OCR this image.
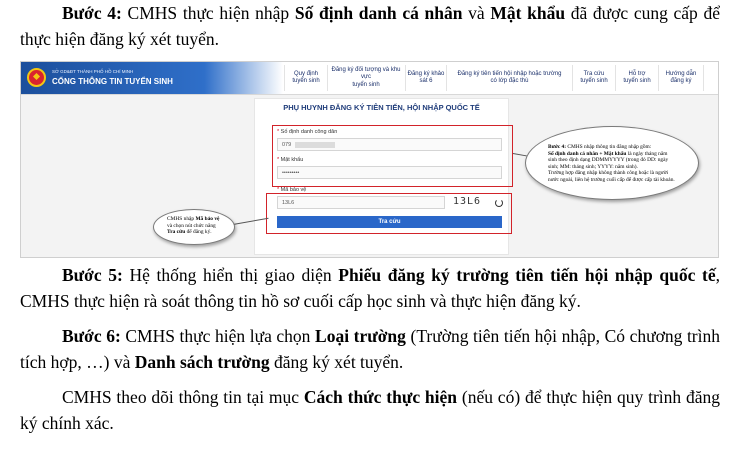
Bước 4: CMHS thực hiện nhập Số định danh cá nhân và Mật khẩu đã được cung cấp để thực hiện đăng ký xét tuyển.

SỞ GD&ĐT THÀNH PHỐ HỒ CHÍ MINH
CỔNG THÔNG TIN TUYỂN SINH
Quy định
tuyển sinh
Đăng ký đối tượng và khu vực
tuyển sinh
Đăng ký khảo
sát 6
Đăng ký tiên tiến hội nhập hoặc trường
có lớp đặc thù
Tra cứu
tuyển sinh
Hỗ trợ
tuyển sinh
Hướng dẫn
đăng ký
PHỤ HUYNH ĐĂNG KÝ TIÊN TIẾN, HỘI NHẬP QUỐC TẾ
* Số định danh công dân
079
* Mật khẩu
•••••••••
* Mã bảo vệ
13L6	13L6
Tra cứu
Bước 4: CMHS nhập thông tin đăng nhập gồm:
Số định danh cá nhân + Mật khẩu là ngày tháng năm
sinh theo định dạng DDMMYYYY (trong đó DD: ngày
sinh; MM: tháng sinh; YYYY: năm sinh).
Trường hợp đăng nhập không thành công hoặc là người
nước ngoài, liên hệ trường cuối cấp để được cấp tài khoản.
CMHS nhập Mã bảo vệ
và chọn nút chức năng
Tra cứu để đăng ký.

Bước 5: Hệ thống hiển thị giao diện Phiếu đăng ký trường tiên tiến hội nhập quốc tế, CMHS thực hiện rà soát thông tin hồ sơ cuối cấp học sinh và thực hiện đăng ký.

Bước 6: CMHS thực hiện lựa chọn Loại trường (Trường tiên tiến hội nhập, Có chương trình tích hợp, …) và Danh sách trường đăng ký xét tuyển.

CMHS theo dõi thông tin tại mục Cách thức thực hiện (nếu có) để thực hiện quy trình đăng ký chính xác.
